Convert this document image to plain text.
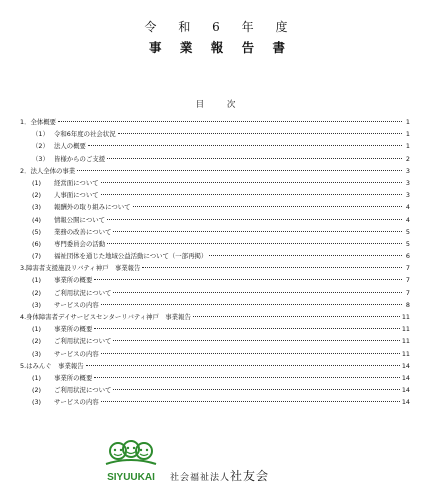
令 和 6 年 度
事 業 報 告 書
目 次
1． 全体概要	1
（1） 令和6年度の社会状況	1
（2） 法人の概要	1
（3） 皆様からのご支援	2
2． 法人全体の事業	3
(1)	経営面について	3
(2)	人事面について	3
(3)	報酬外の取り組みについて	4
(4)	情報公開について	4
(5)	業務の改善について	5
(6)	専門委員会の活動	5
(7)	福祉団体を通じた地域公益活動について（一部再掲）	6
3. 障害者支援施設リバティ神戸　事業報告	7
(1)	事業所の概要	7
(2)	ご利用状況について	7
(3)	サービスの内容	8
4. 身体障害者デイサービスセンターリバティ神戸　事業報告	11
(1)	事業所の概要	11
(2)	ご利用状況について	11
(3)	サービスの内容	11
5. はみんぐ　事業報告	14
(1)	事業所の概要	14
(2)	ご利用状況について	14
(3)	サービスの内容	14
SIYUUKAI 社会福祉法人社友会
